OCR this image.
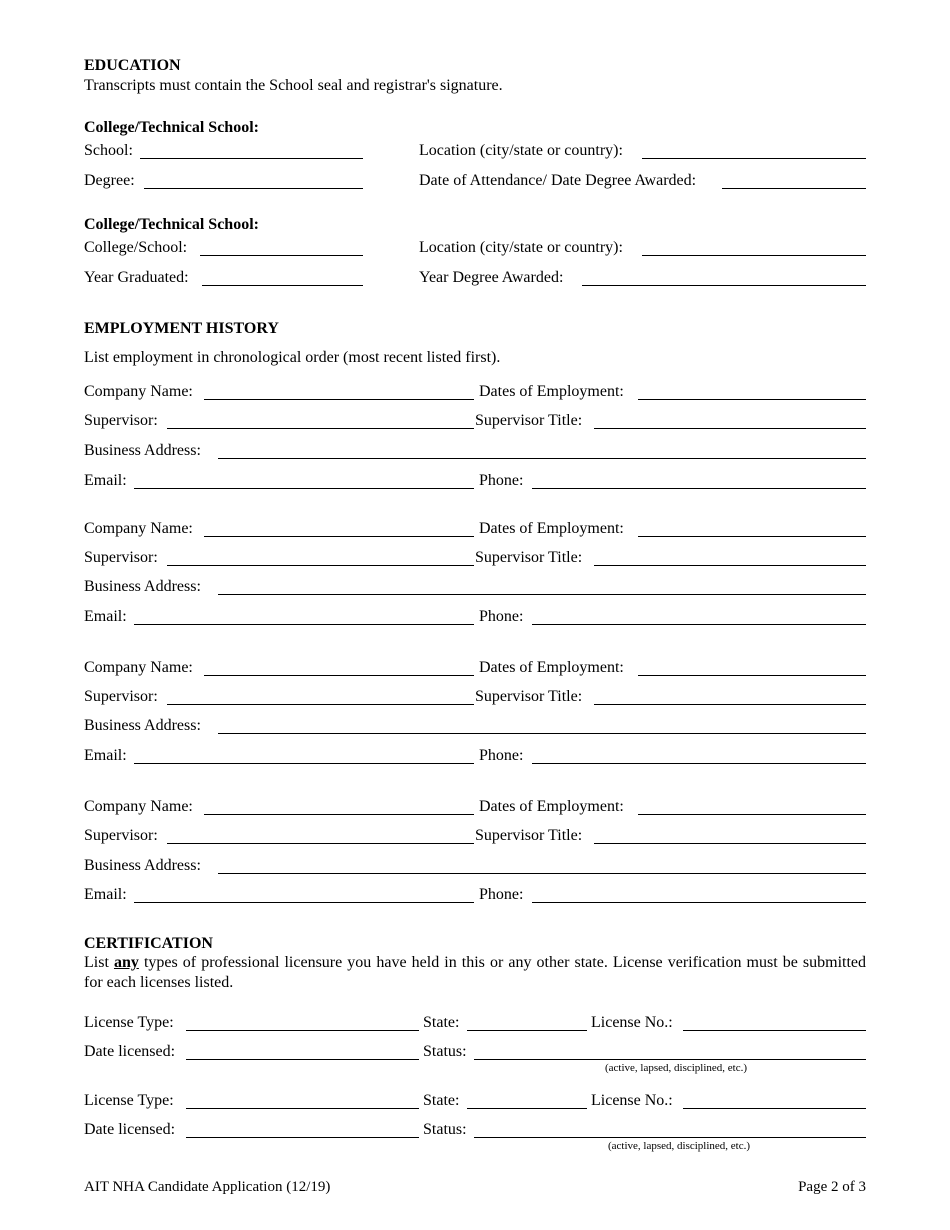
EDUCATION
Transcripts must contain the School seal and registrar's signature.
College/Technical School:
School:	Location (city/state or country):
Degree:	Date of Attendance/ Date Degree Awarded:
College/Technical School:
College/School:	Location (city/state or country):
Year Graduated:	Year Degree Awarded:
EMPLOYMENT HISTORY
List employment in chronological order (most recent listed first).
Company Name:	Dates of Employment:
Supervisor:	Supervisor Title:
Business Address:
Email:	Phone:
Company Name:	Dates of Employment:
Supervisor:	Supervisor Title:
Business Address:
Email:	Phone:
Company Name:	Dates of Employment:
Supervisor:	Supervisor Title:
Business Address:
Email:	Phone:
Company Name:	Dates of Employment:
Supervisor:	Supervisor Title:
Business Address:
Email:	Phone:
CERTIFICATION
List any types of professional licensure you have held in this or any other state. License verification must be submitted for each licenses listed.
License Type:	State:	License No.:
Date licensed:	Status:
(active, lapsed, disciplined, etc.)
License Type:	State:	License No.:
Date licensed:	Status:
(active, lapsed, disciplined, etc.)
AIT NHA Candidate Application (12/19)	Page 2 of 3
